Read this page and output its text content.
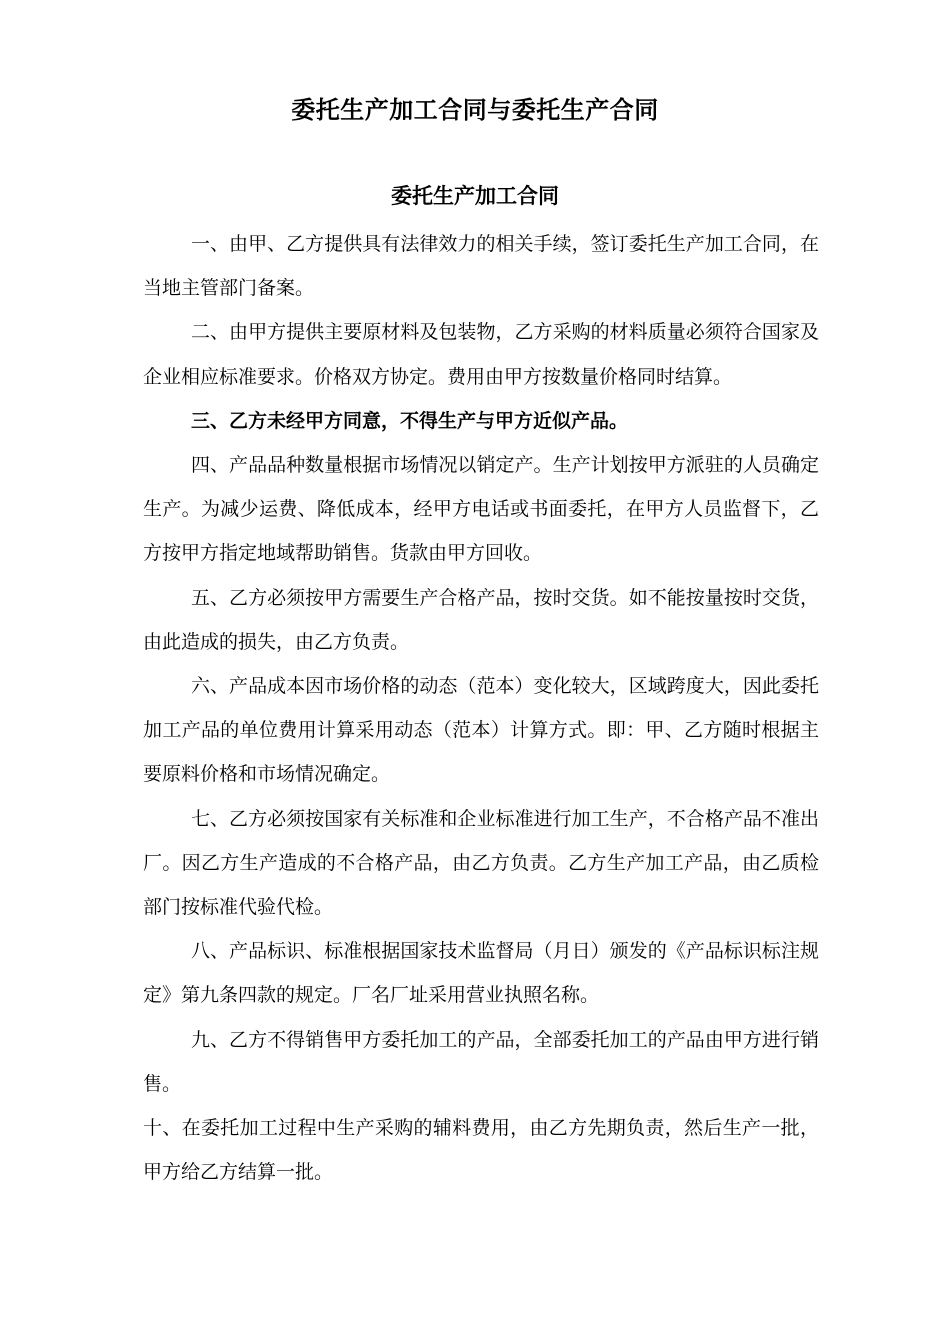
委托生产加工合同与委托生产合同
委托生产加工合同

一、由甲、乙方提供具有法律效力的相关手续，签订委托生产加工合同，在当地主管部门备案。

二、由甲方提供主要原材料及包装物，乙方采购的材料质量必须符合国家及企业相应标准要求。价格双方协定。费用由甲方按数量价格同时结算。

三、乙方未经甲方同意，不得生产与甲方近似产品。

四、产品品种数量根据市场情况以销定产。生产计划按甲方派驻的人员确定生产。为减少运费、降低成本，经甲方电话或书面委托，在甲方人员监督下，乙方按甲方指定地域帮助销售。货款由甲方回收。

五、乙方必须按甲方需要生产合格产品，按时交货。如不能按量按时交货，由此造成的损失，由乙方负责。

六、产品成本因市场价格的动态（范本）变化较大，区域跨度大，因此委托加工产品的单位费用计算采用动态（范本）计算方式。即：甲、乙方随时根据主要原料价格和市场情况确定。

七、乙方必须按国家有关标准和企业标准进行加工生产，不合格产品不准出厂。因乙方生产造成的不合格产品，由乙方负责。乙方生产加工产品，由乙质检部门按标准代验代检。

八、产品标识、标准根据国家技术监督局（月日）颁发的《产品标识标注规定》第九条四款的规定。厂名厂址采用营业执照名称。

九、乙方不得销售甲方委托加工的产品，全部委托加工的产品由甲方进行销售。

十、在委托加工过程中生产采购的辅料费用，由乙方先期负责，然后生产一批，甲方给乙方结算一批。
